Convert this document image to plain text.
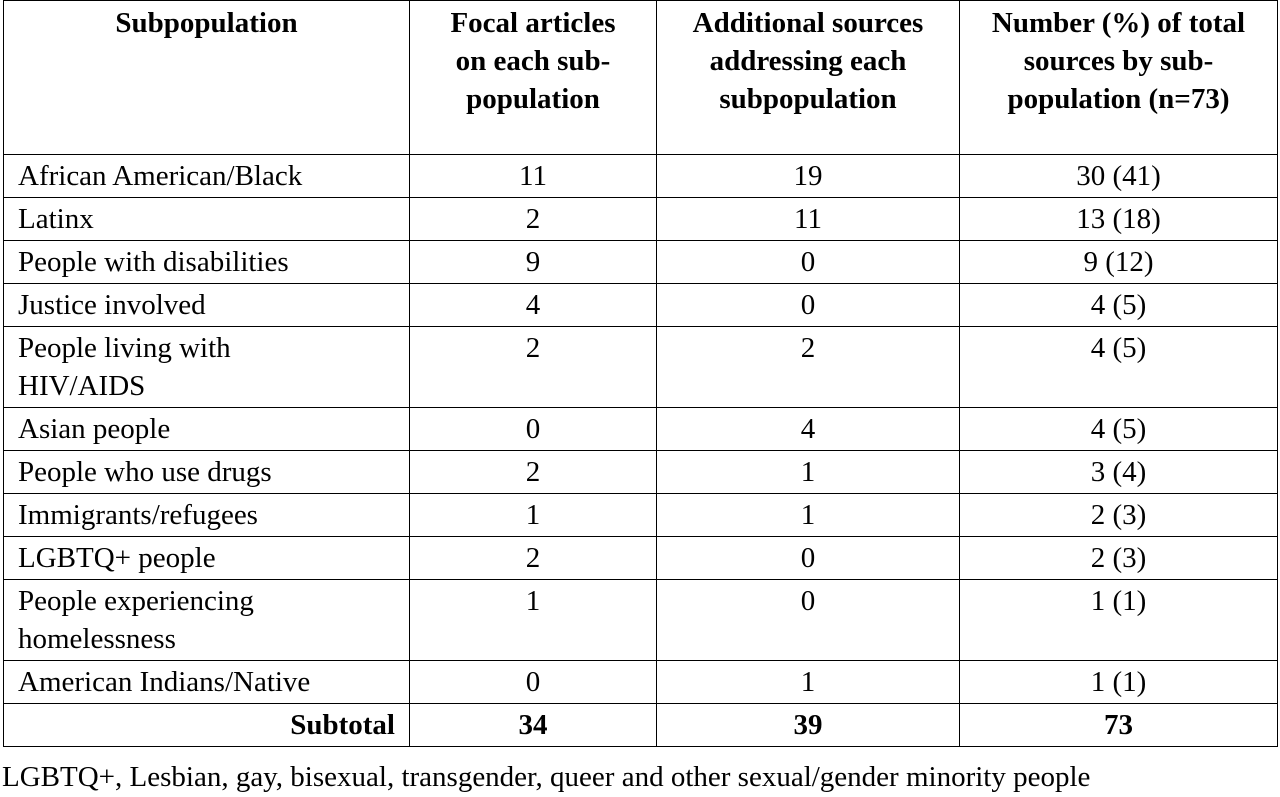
Subpopulation	Focal articles on each sub-population	Additional sources addressing each subpopulation	Number (%) of total sources by sub-population (n=73)
African American/Black	11	19	30 (41)
Latinx	2	11	13 (18)
People with disabilities	9	0	9 (12)
Justice involved	4	0	4 (5)
People living with HIV/AIDS	2	2	4 (5)
Asian people	0	4	4 (5)
People who use drugs	2	1	3 (4)
Immigrants/refugees	1	1	2 (3)
LGBTQ+ people	2	0	2 (3)
People experiencing homelessness	1	0	1 (1)
American Indians/Native	0	1	1 (1)
Subtotal	34	39	73
LGBTQ+, Lesbian, gay, bisexual, transgender, queer and other sexual/gender minority people
